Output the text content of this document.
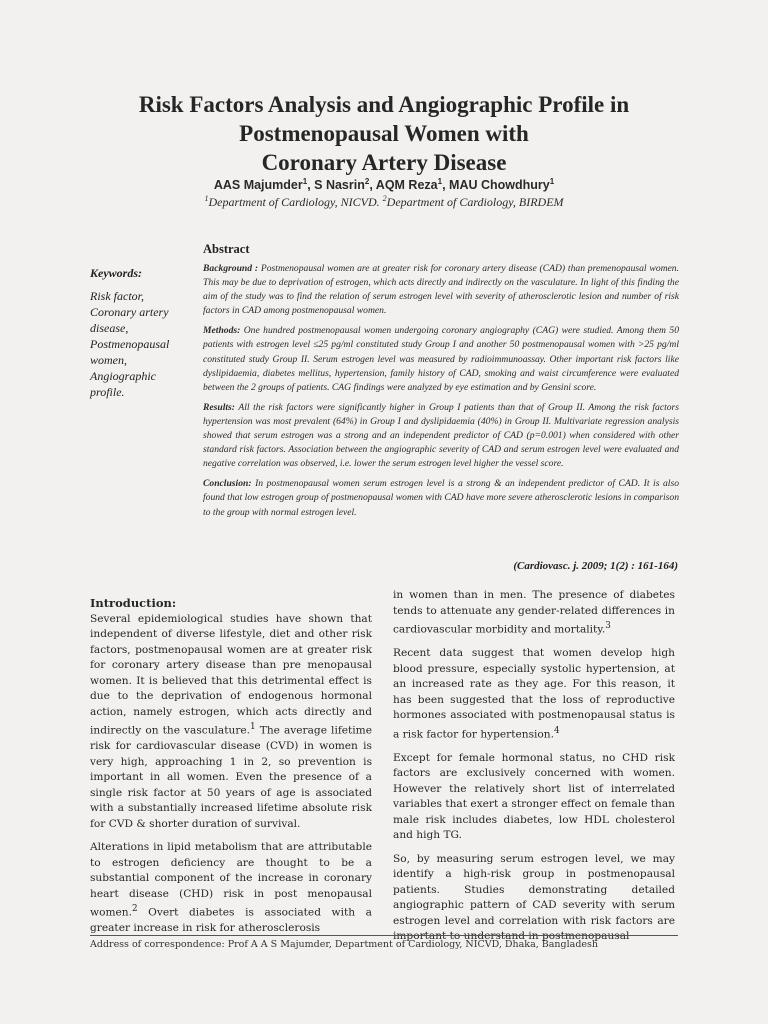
Risk Factors Analysis and Angiographic Profile in
Postmenopausal Women with
Coronary Artery Disease
AAS Majumder$^1$, S Nasrin$^2$, AQM Reza$^1$, MAU Chowdhury$^1$
$^1$Department of Cardiology, NICVD. $^2$Department of Cardiology, BIRDEM
Abstract
Keywords:
Risk factor,
Coronary artery
disease,
Postmenopausal
women,
Angiographic
profile.

Background : Postmenopausal women are at greater risk for coronary artery disease (CAD) than premenopausal women. This may be due to deprivation of estrogen, which acts directly and indirectly on the vasculature. In light of this finding the aim of the study was to find the relation of serum estrogen level with severity of atherosclerotic lesion and number of risk factors in CAD among postmenopausal women.

Methods: One hundred postmenopausal women undergoing coronary angiography (CAG) were studied. Among them 50 patients with estrogen level ≤25 pg/ml constituted study Group I and another 50 postmenopausal women with >25 pg/ml constituted study Group II. Serum estrogen level was measured by radioimmunoassay. Other important risk factors like dyslipidaemia, diabetes mellitus, hypertension, family history of CAD, smoking and waist circumference were evaluated between the 2 groups of patients. CAG findings were analyzed by eye estimation and by Gensini score.

Results: All the risk factors were significantly higher in Group I patients than that of Group II. Among the risk factors hypertension was most prevalent (64%) in Group I and dyslipidaemia (40%) in Group II. Multivariate regression analysis showed that serum estrogen was a strong and an independent predictor of CAD (p=0.001) when considered with other standard risk factors. Association between the angiographic severity of CAD and serum estrogen level were evaluated and negative correlation was observed, i.e. lower the serum estrogen level higher the vessel score.

Conclusion: In postmenopausal women serum estrogen level is a strong & an independent predictor of CAD. It is also found that low estrogen group of postmenopausal women with CAD have more severe atherosclerotic lesions in comparison to the group with normal estrogen level.

(Cardiovasc. j. 2009; 1(2) : 161-164)
Introduction:

Several epidemiological studies have shown that independent of diverse lifestyle, diet and other risk factors, postmenopausal women are at greater risk for coronary artery disease than pre menopausal women. It is believed that this detrimental effect is due to the deprivation of endogenous hormonal action, namely estrogen, which acts directly and indirectly on the vasculature.$^1$ The average lifetime risk for cardiovascular disease (CVD) in women is very high, approaching 1 in 2, so prevention is important in all women. Even the presence of a single risk factor at 50 years of age is associated with a substantially increased lifetime absolute risk for CVD & shorter duration of survival.

Alterations in lipid metabolism that are attributable to estrogen deficiency are thought to be a substantial component of the increase in coronary heart disease (CHD) risk in post menopausal women.$^2$ Overt diabetes is associated with a greater increase in risk for atherosclerosis

in women than in men. The presence of diabetes tends to attenuate any gender-related differences in cardiovascular morbidity and mortality.$^3$

Recent data suggest that women develop high blood pressure, especially systolic hypertension, at an increased rate as they age. For this reason, it has been suggested that the loss of reproductive hormones associated with postmenopausal status is a risk factor for hypertension.$^4$

Except for female hormonal status, no CHD risk factors are exclusively concerned with women. However the relatively short list of interrelated variables that exert a stronger effect on female than male risk includes diabetes, low HDL cholesterol and high TG.

So, by measuring serum estrogen level, we may identify a high-risk group in postmenopausal patients. Studies demonstrating detailed angiographic pattern of CAD severity with serum estrogen level and correlation with risk factors are important to understand in postmenopausal

Address of correspondence: Prof A A S Majumder, Department of Cardiology, NICVD, Dhaka, Bangladesh
